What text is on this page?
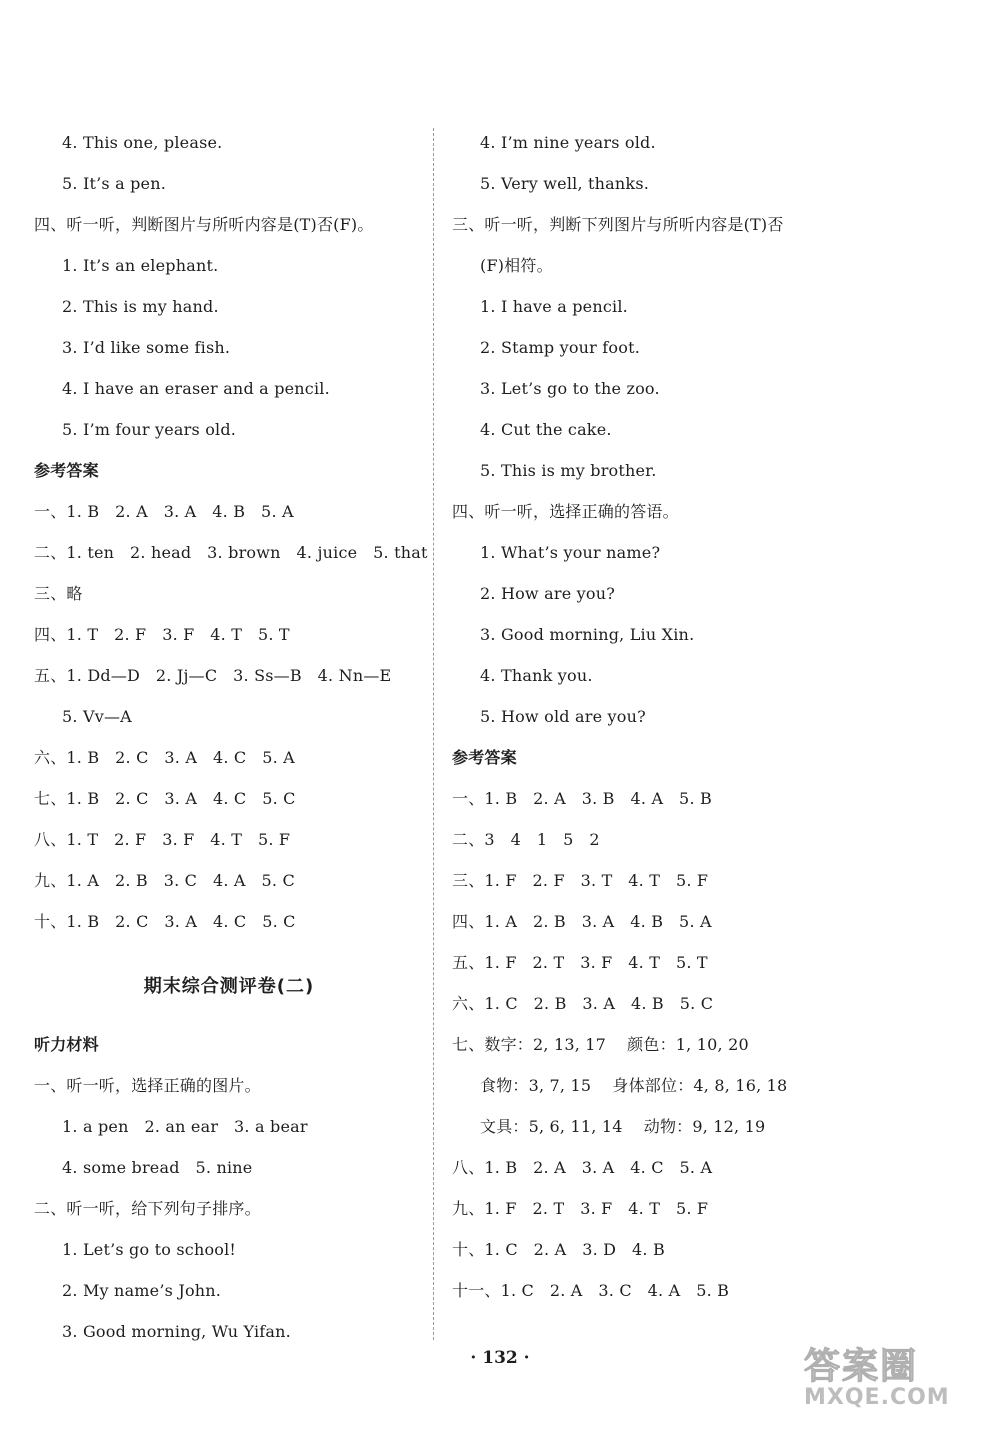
4. This one, please.
5. It’s a pen.
四、听一听，判断图片与所听内容是(T)否(F)。
1. It’s an elephant.
2. This is my hand.
3. I’d like some fish.
4. I have an eraser and a pencil.
5. I’m four years old.
参考答案
一、1. B   2. A   3. A   4. B   5. A
二、1. ten   2. head   3. brown   4. juice   5. that
三、略
四、1. T   2. F   3. F   4. T   5. T
五、1. Dd—D   2. Jj—C   3. Ss—B   4. Nn—E
5. Vv—A
六、1. B   2. C   3. A   4. C   5. A
七、1. B   2. C   3. A   4. C   5. C
八、1. T   2. F   3. F   4. T   5. F
九、1. A   2. B   3. C   4. A   5. C
十、1. B   2. C   3. A   4. C   5. C
期末综合测评卷(二)
听力材料
一、听一听，选择正确的图片。
1. a pen   2. an ear   3. a bear
4. some bread   5. nine
二、听一听，给下列句子排序。
1. Let’s go to school!
2. My name’s John.
3. Good morning, Wu Yifan.
4. I’m nine years old.
5. Very well, thanks.
三、听一听，判断下列图片与所听内容是(T)否
(F)相符。
1. I have a pencil.
2. Stamp your foot.
3. Let’s go to the zoo.
4. Cut the cake.
5. This is my brother.
四、听一听，选择正确的答语。
1. What’s your name?
2. How are you?
3. Good morning, Liu Xin.
4. Thank you.
5. How old are you?
参考答案
一、1. B   2. A   3. B   4. A   5. B
二、3   4   1   5   2
三、1. F   2. F   3. T   4. T   5. F
四、1. A   2. B   3. A   4. B   5. A
五、1. F   2. T   3. F   4. T   5. T
六、1. C   2. B   3. A   4. B   5. C
七、数字：2, 13, 17    颜色：1, 10, 20
食物：3, 7, 15    身体部位：4, 8, 16, 18
文具：5, 6, 11, 14    动物：9, 12, 19
八、1. B   2. A   3. A   4. C   5. A
九、1. F   2. T   3. F   4. T   5. F
十、1. C   2. A   3. D   4. B
十一、1. C   2. A   3. C   4. A   5. B
· 132 ·	答案圈
MXQE.COM
